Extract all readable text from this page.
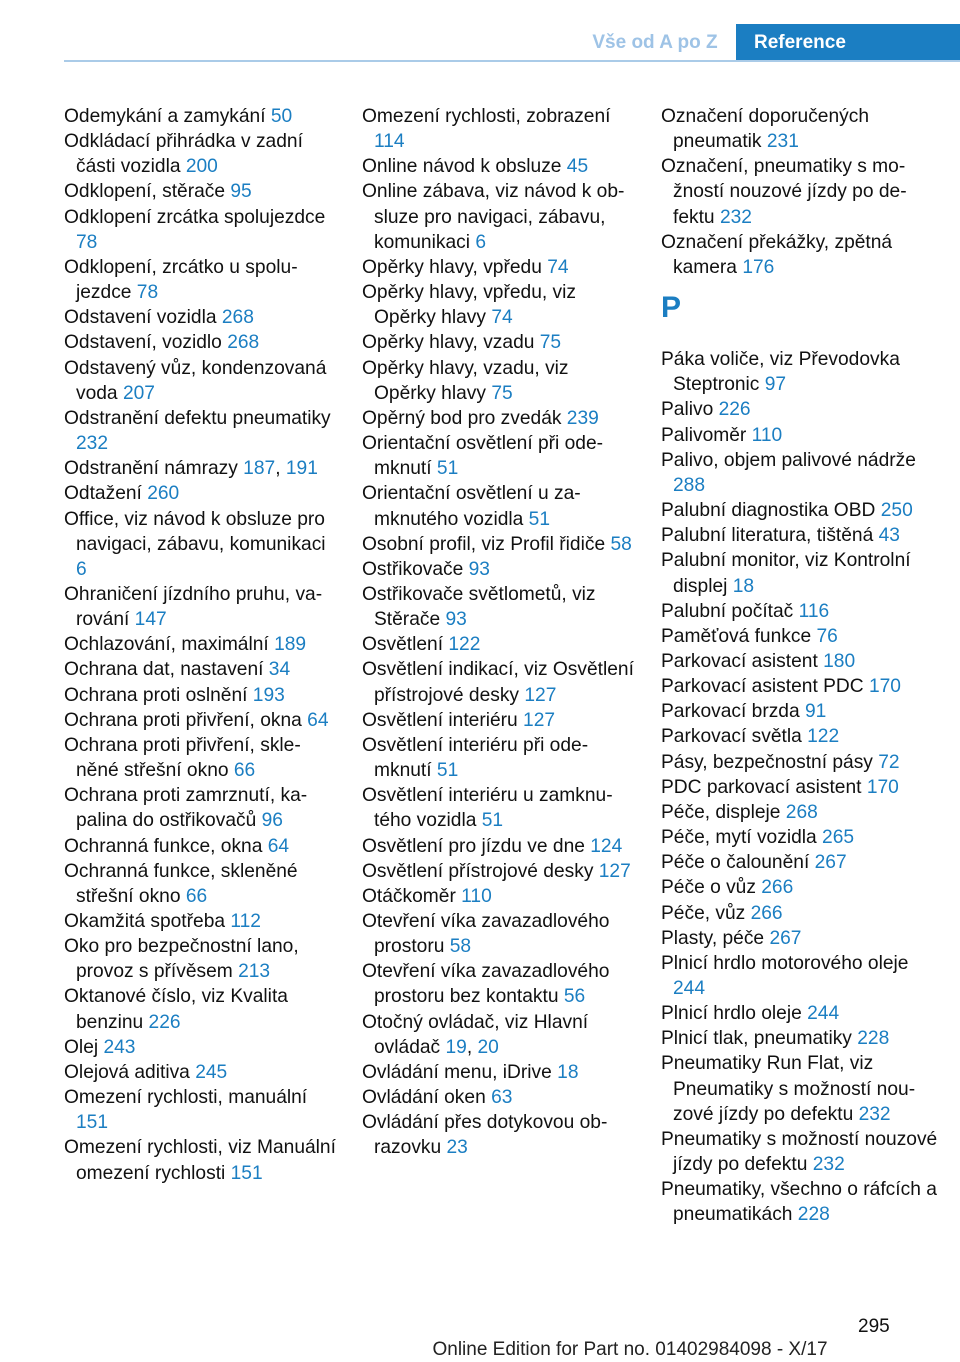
Vše od A po Z	Reference
Odemykání a zamykání 50
Odkládací přihrádka v zadní části vozidla 200
Odklopení, stěrače 95
Odklopení zrcátka spolujezdce 78
Odklopení, zrcátko u spolujezdce 78
Odstavení vozidla 268
Odstavení, vozidlo 268
Odstavený vůz, kondenzovaná voda 207
Odstranění defektu pneumatiky 232
Odstranění námrazy 187, 191
Odtažení 260
Office, viz návod k obsluze pro navigaci, zábavu, komunikaci 6
Ohraničení jízdního pruhu, varování 147
Ochlazování, maximální 189
Ochrana dat, nastavení 34
Ochrana proti oslnění 193
Ochrana proti přivření, okna 64
Ochrana proti přivření, skleněné střešní okno 66
Ochrana proti zamrznutí, kapalina do ostřikovačů 96
Ochranná funkce, okna 64
Ochranná funkce, skleněné střešní okno 66
Okamžitá spotřeba 112
Oko pro bezpečnostní lano, provoz s přívěsem 213
Oktanové číslo, viz Kvalita benzinu 226
Olej 243
Olejová aditiva 245
Omezení rychlosti, manuální 151
Omezení rychlosti, viz Manuální omezení rychlosti 151
Omezení rychlosti, zobrazení 114
Online návod k obsluze 45
Online zábava, viz návod k obsluze pro navigaci, zábavu, komunikaci 6
Opěrky hlavy, vpředu 74
Opěrky hlavy, vpředu, viz Opěrky hlavy 74
Opěrky hlavy, vzadu 75
Opěrky hlavy, vzadu, viz Opěrky hlavy 75
Opěrný bod pro zvedák 239
Orientační osvětlení při odemknutí 51
Orientační osvětlení u zamknutého vozidla 51
Osobní profil, viz Profil řidiče 58
Ostřikovače 93
Ostřikovače světlometů, viz Stěrače 93
Osvětlení 122
Osvětlení indikací, viz Osvětlení přístrojové desky 127
Osvětlení interiéru 127
Osvětlení interiéru při odemknutí 51
Osvětlení interiéru u zamknutého vozidla 51
Osvětlení pro jízdu ve dne 124
Osvětlení přístrojové desky 127
Otáčkoměr 110
Otevření víka zavazadlového prostoru 58
Otevření víka zavazadlového prostoru bez kontaktu 56
Otočný ovládač, viz Hlavní ovládač 19, 20
Ovládání menu, iDrive 18
Ovládání oken 63
Ovládání přes dotykovou obrazovku 23
Označení doporučených pneumatik 231
Označení, pneumatiky s možností nouzové jízdy po defektu 232
Označení překážky, zpětná kamera 176
P
Páka voliče, viz Převodovka Steptronic 97
Palivo 226
Palivoměr 110
Palivo, objem palivové nádrže 288
Palubní diagnostika OBD 250
Palubní literatura, tištěná 43
Palubní monitor, viz Kontrolní displej 18
Palubní počítač 116
Paměťová funkce 76
Parkovací asistent 180
Parkovací asistent PDC 170
Parkovací brzda 91
Parkovací světla 122
Pásy, bezpečnostní pásy 72
PDC parkovací asistent 170
Péče, displeje 268
Péče, mytí vozidla 265
Péče o čalounění 267
Péče o vůz 266
Péče, vůz 266
Plasty, péče 267
Plnicí hrdlo motorového oleje 244
Plnicí hrdlo oleje 244
Plnicí tlak, pneumatiky 228
Pneumatiky Run Flat, viz Pneumatiky s možností nouzové jízdy po defektu 232
Pneumatiky s možností nouzové jízdy po defektu 232
Pneumatiky, všechno o ráfcích a pneumatikách 228
295
Online Edition for Part no. 01402984098 - X/17
